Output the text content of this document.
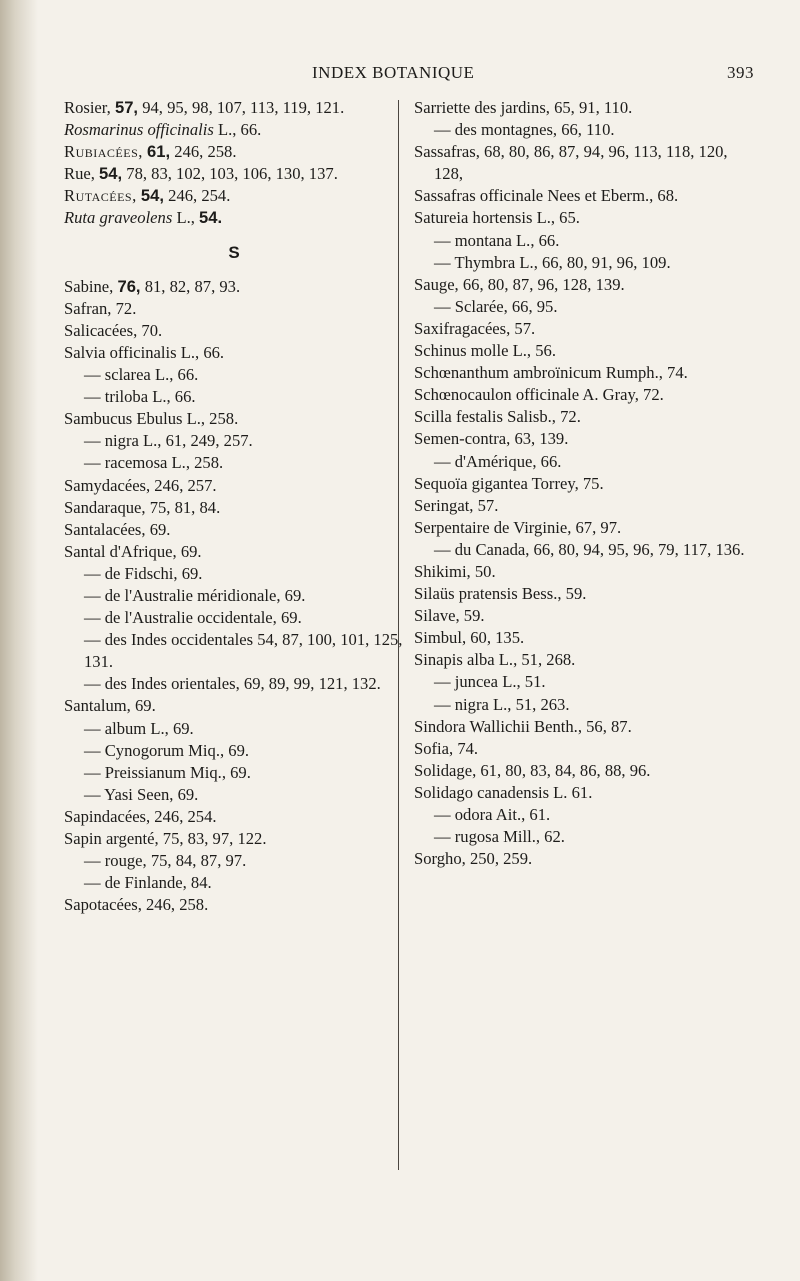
INDEX BOTANIQUE	393
Rosier, 57, 94, 95, 98, 107, 113, 119, 121.
Rosmarinus officinalis L., 66.
Rubiacées, 61, 246, 258.
Rue, 54, 78, 83, 102, 103, 106, 130, 137.
Rutacées, 54, 246, 254.
Ruta graveolens L., 54.
S
Sabine, 76, 81, 82, 87, 93.
Safran, 72.
Salicacées, 70.
Salvia officinalis L., 66.
— sclarea L., 66.
— triloba L., 66.
Sambucus Ebulus L., 258.
— nigra L., 61, 249, 257.
— racemosa L., 258.
Samydacées, 246, 257.
Sandaraque, 75, 81, 84.
Santalacées, 69.
Santal d'Afrique, 69.
— de Fidschi, 69.
— de l'Australie méridionale, 69.
— de l'Australie occidentale, 69.
— des Indes occidentales 54, 87, 100, 101, 125, 131.
— des Indes orientales, 69, 89, 99, 121, 132.
Santalum, 69.
— album L., 69.
— Cynogorum Miq., 69.
— Preissianum Miq., 69.
— Yasi Seen, 69.
Sapindacées, 246, 254.
Sapin argenté, 75, 83, 97, 122.
— rouge, 75, 84, 87, 97.
— de Finlande, 84.
Sapotacées, 246, 258.
Sarriette des jardins, 65, 91, 110.
— des montagnes, 66, 110.
Sassafras, 68, 80, 86, 87, 94, 96, 113, 118, 120, 128,
Sassafras officinale Nees et Eberm., 68.
Satureia hortensis L., 65.
— montana L., 66.
— Thymbra L., 66, 80, 91, 96, 109.
Sauge, 66, 80, 87, 96, 128, 139.
— Sclarée, 66, 95.
Saxifragacées, 57.
Schinus molle L., 56.
Schœnanthum ambroïnicum Rumph., 74.
Schœnocaulon officinale A. Gray, 72.
Scilla festalis Salisb., 72.
Semen-contra, 63, 139.
— d'Amérique, 66.
Sequoïa gigantea Torrey, 75.
Seringat, 57.
Serpentaire de Virginie, 67, 97.
— du Canada, 66, 80, 94, 95, 96, 79, 117, 136.
Shikimi, 50.
Silaüs pratensis Bess., 59.
Silave, 59.
Simbul, 60, 135.
Sinapis alba L., 51, 268.
— juncea L., 51.
— nigra L., 51, 263.
Sindora Wallichii Benth., 56, 87.
Sofia, 74.
Solidage, 61, 80, 83, 84, 86, 88, 96.
Solidago canadensis L. 61.
— odora Ait., 61.
— rugosa Mill., 62.
Sorgho, 250, 259.
